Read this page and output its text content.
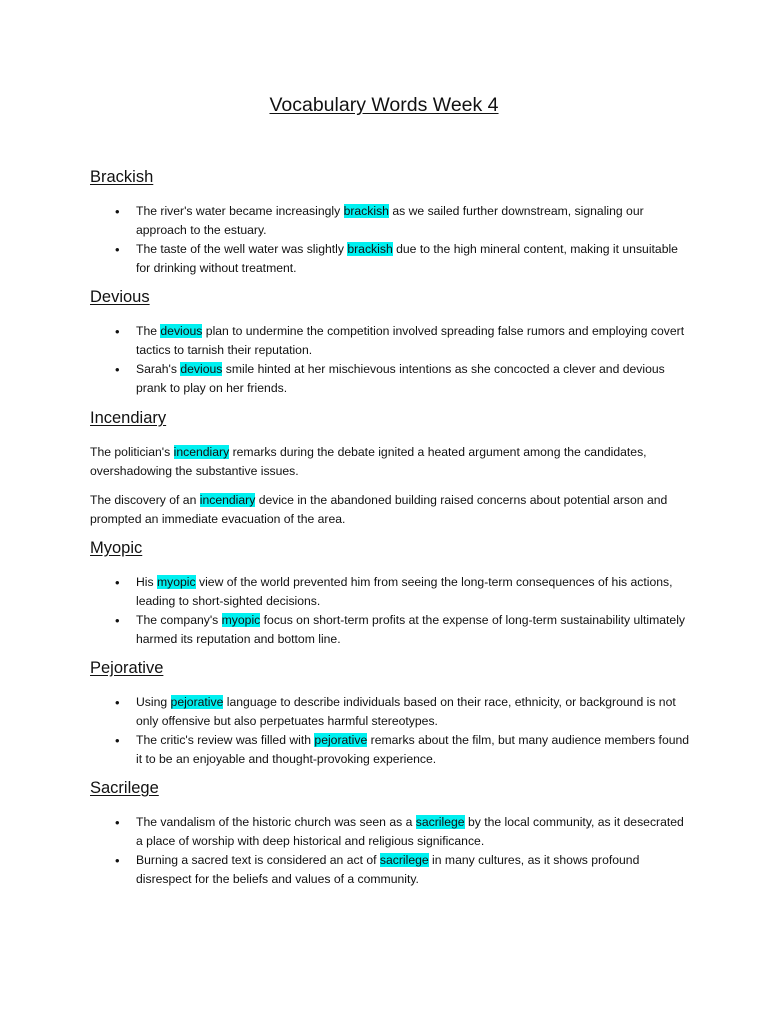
Vocabulary Words Week 4
Brackish
• The river's water became increasingly brackish as we sailed further downstream, signaling our approach to the estuary.
• The taste of the well water was slightly brackish due to the high mineral content, making it unsuitable for drinking without treatment.
Devious
• The devious plan to undermine the competition involved spreading false rumors and employing covert tactics to tarnish their reputation.
• Sarah's devious smile hinted at her mischievous intentions as she concocted a clever and devious prank to play on her friends.
Incendiary

The politician's incendiary remarks during the debate ignited a heated argument among the candidates, overshadowing the substantive issues.

The discovery of an incendiary device in the abandoned building raised concerns about potential arson and prompted an immediate evacuation of the area.

Myopic
• His myopic view of the world prevented him from seeing the long-term consequences of his actions, leading to short-sighted decisions.
• The company's myopic focus on short-term profits at the expense of long-term sustainability ultimately harmed its reputation and bottom line.
Pejorative
• Using pejorative language to describe individuals based on their race, ethnicity, or background is not only offensive but also perpetuates harmful stereotypes.
• The critic's review was filled with pejorative remarks about the film, but many audience members found it to be an enjoyable and thought-provoking experience.
Sacrilege
• The vandalism of the historic church was seen as a sacrilege by the local community, as it desecrated a place of worship with deep historical and religious significance.
• Burning a sacred text is considered an act of sacrilege in many cultures, as it shows profound disrespect for the beliefs and values of a community.
